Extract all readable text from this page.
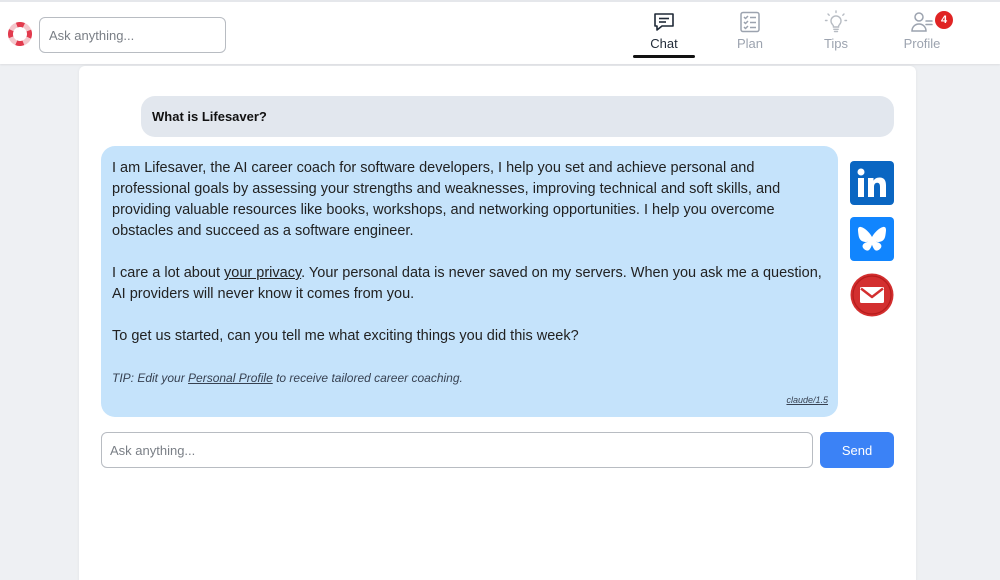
Ask anything...
Chat	Plan	Tips	Profile
4
What is Lifesaver?

I am Lifesaver, the AI career coach for software developers, I help you set and achieve personal and professional goals by assessing your strengths and weaknesses, improving technical and soft skills, and providing valuable resources like books, workshops, and networking opportunities. I help you overcome obstacles and succeed as a software engineer.

I care a lot about your privacy. Your personal data is never saved on my servers. When you ask me a question, AI providers will never know it comes from you.

To get us started, can you tell me what exciting things you did this week?

TIP: Edit your Personal Profile to receive tailored career coaching.
claude/1.5
Ask anything...
Send
